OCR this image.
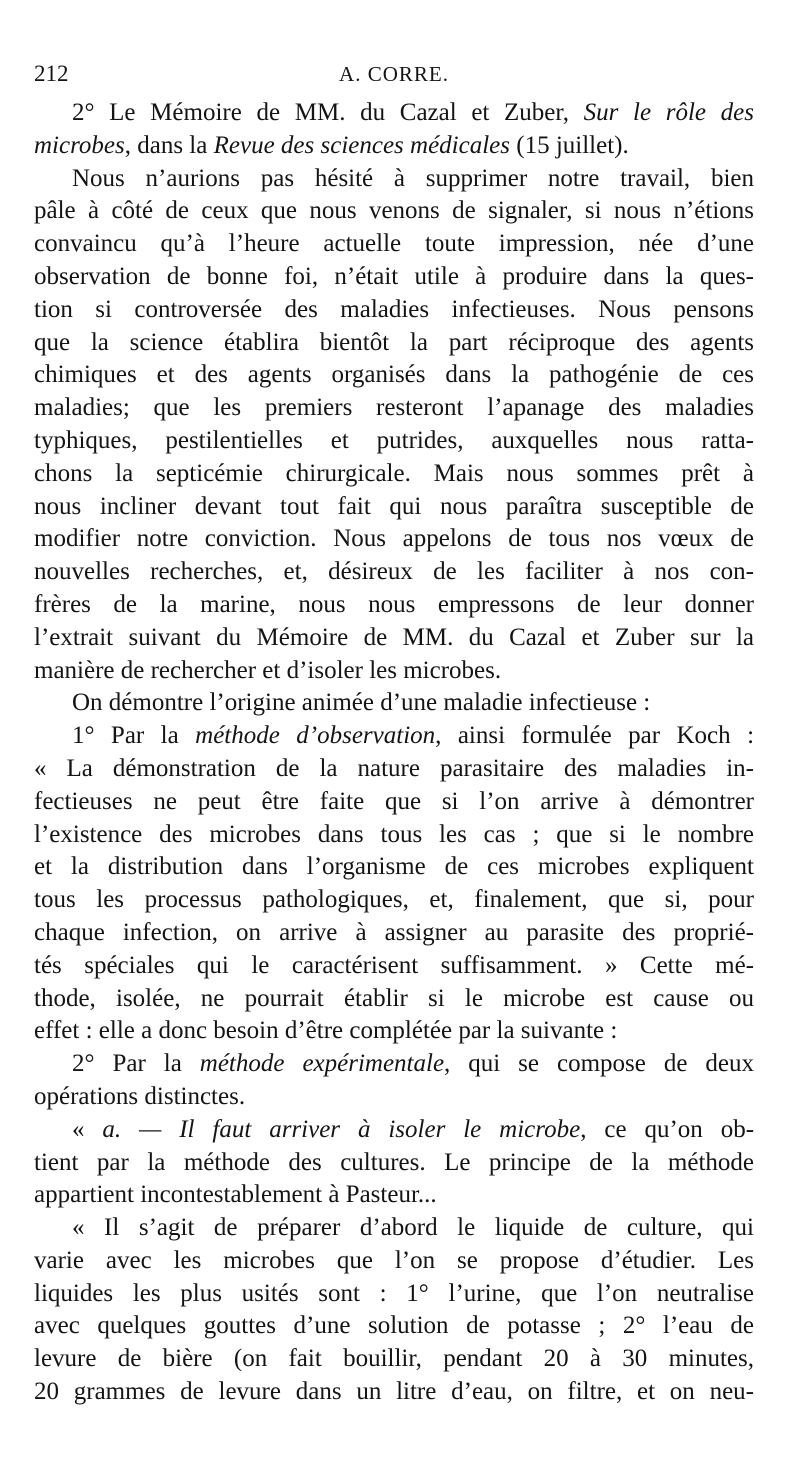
212	A. CORRE.
2° Le Mémoire de MM. du Cazal et Zuber, Sur le rôle des
microbes, dans la Revue des sciences médicales (15 juillet).
Nous n’aurions pas hésité à supprimer notre travail, bien
pâle à côté de ceux que nous venons de signaler, si nous n’étions
convaincu qu’à l’heure actuelle toute impression, née d’une
observation de bonne foi, n’était utile à produire dans la ques-
tion si controversée des maladies infectieuses. Nous pensons
que la science établira bientôt la part réciproque des agents
chimiques et des agents organisés dans la pathogénie de ces
maladies; que les premiers resteront l’apanage des maladies
typhiques, pestilentielles et putrides, auxquelles nous ratta-
chons la septicémie chirurgicale. Mais nous sommes prêt à
nous incliner devant tout fait qui nous paraîtra susceptible de
modifier notre conviction. Nous appelons de tous nos vœux de
nouvelles recherches, et, désireux de les faciliter à nos con-
frères de la marine, nous nous empressons de leur donner
l’extrait suivant du Mémoire de MM. du Cazal et Zuber sur la
manière de rechercher et d’isoler les microbes.
On démontre l’origine animée d’une maladie infectieuse :
1° Par la méthode d’observation, ainsi formulée par Koch :
« La démonstration de la nature parasitaire des maladies in-
fectieuses ne peut être faite que si l’on arrive à démontrer
l’existence des microbes dans tous les cas ; que si le nombre
et la distribution dans l’organisme de ces microbes expliquent
tous les processus pathologiques, et, finalement, que si, pour
chaque infection, on arrive à assigner au parasite des proprié-
tés spéciales qui le caractérisent suffisamment. » Cette mé-
thode, isolée, ne pourrait établir si le microbe est cause ou
effet : elle a donc besoin d’être complétée par la suivante :
2° Par la méthode expérimentale, qui se compose de deux
opérations distinctes.
« a. — Il faut arriver à isoler le microbe, ce qu’on ob-
tient par la méthode des cultures. Le principe de la méthode
appartient incontestablement à Pasteur...
« Il s’agit de préparer d’abord le liquide de culture, qui
varie avec les microbes que l’on se propose d’étudier. Les
liquides les plus usités sont : 1° l’urine, que l’on neutralise
avec quelques gouttes d’une solution de potasse ; 2° l’eau de
levure de bière (on fait bouillir, pendant 20 à 30 minutes,
20 grammes de levure dans un litre d’eau, on filtre, et on neu-
